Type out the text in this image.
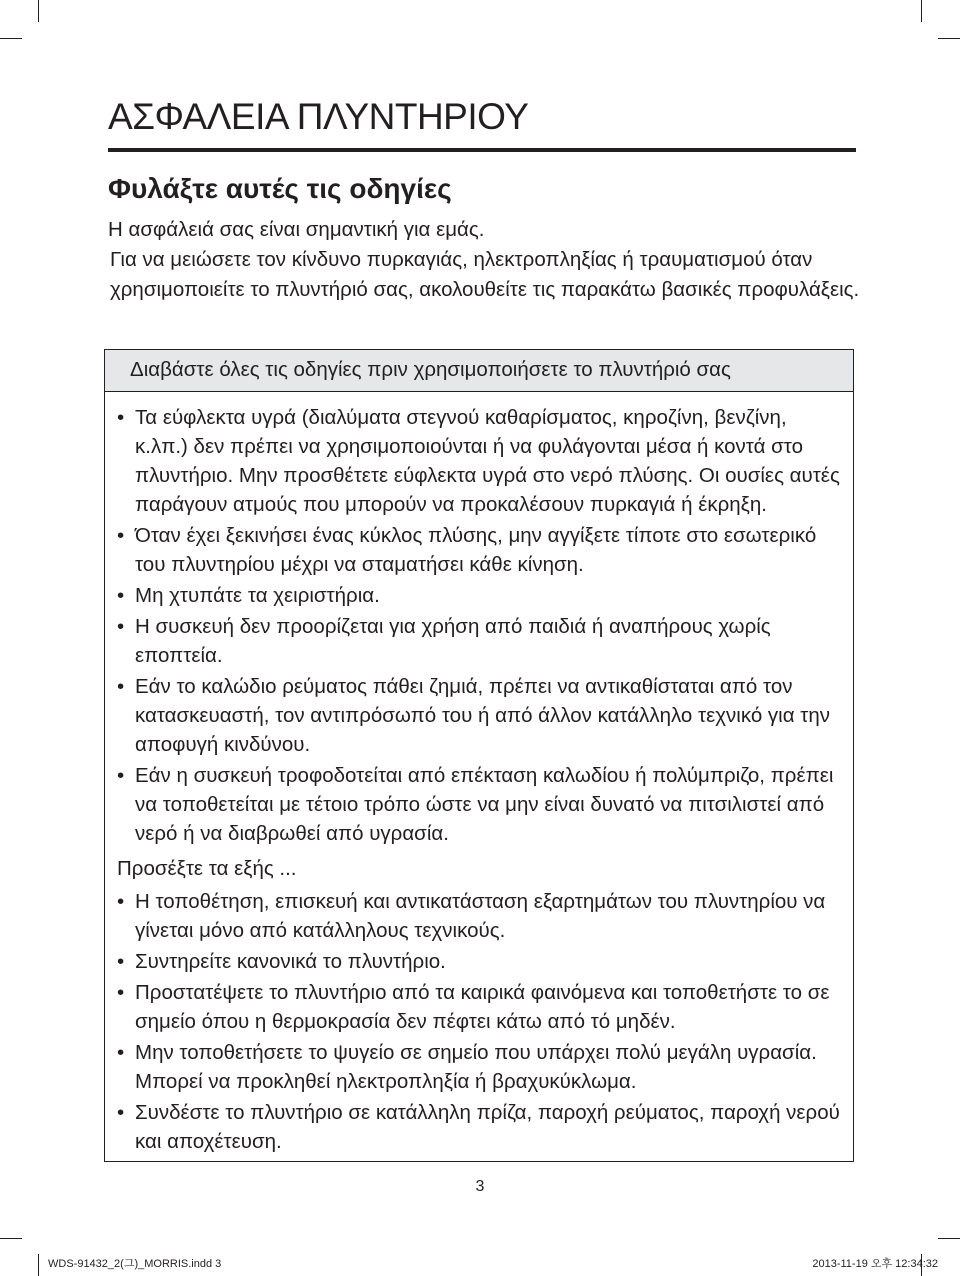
ΑΣΦΑΛΕΙΑ ΠΛΥΝΤΗΡΙΟΥ
Φυλάξτε αυτές τις οδηγίες

Η ασφάλειά σας είναι σημαντική για εμάς.

Για να μειώσετε τον κίνδυνο πυρκαγιάς, ηλεκτροπληξίας ή τραυματισμού όταν χρησιμοποιείτε το πλυντήριό σας, ακολουθείτε τις παρακάτω βασικές προφυλάξεις.

Διαβάστε όλες τις οδηγίες πριν χρησιμοποιήσετε το πλυντήριό σας
• Τα εύφλεκτα υγρά (διαλύματα στεγνού καθαρίσματος, κηροζίνη, βενζίνη, κ.λπ.) δεν πρέπει να χρησιμοποιούνται ή να φυλάγονται μέσα ή κοντά στο πλυντήριο. Μην προσθέτετε εύφλεκτα υγρά στο νερό πλύσης. Οι ουσίες αυτές παράγουν ατμούς που μπορούν να προκαλέσουν πυρκαγιά ή έκρηξη.
• Όταν έχει ξεκινήσει ένας κύκλος πλύσης, μην αγγίξετε τίποτε στο εσωτερικό του πλυντηρίου μέχρι να σταματήσει κάθε κίνηση.
• Μη χτυπάτε τα χειριστήρια.
• Η συσκευή δεν προορίζεται για χρήση από παιδιά ή αναπήρους χωρίς εποπτεία.
• Εάν το καλώδιο ρεύματος πάθει ζημιά, πρέπει να αντικαθίσταται από τον κατασκευαστή, τον αντιπρόσωπό του ή από άλλον κατάλληλο τεχνικό για την αποφυγή κινδύνου.
• Εάν η συσκευή τροφοδοτείται από επέκταση καλωδίου ή πολύμπριζο, πρέπει να τοποθετείται με τέτοιο τρόπο ώστε να μην είναι δυνατό να πιτσιλιστεί από νερό ή να διαβρωθεί από υγρασία.
Προσέξτε τα εξής ...
• Η τοποθέτηση, επισκευή και αντικατάσταση εξαρτημάτων του πλυντηρίου να γίνεται μόνο από κατάλληλους τεχνικούς.
• Συντηρείτε κανονικά το πλυντήριο.
• Προστατέψετε το πλυντήριο από τα καιρικά φαινόμενα και τοποθετήστε το σε σημείο όπου η θερμοκρασία δεν πέφτει κάτω από τό μηδέν.
• Μην τοποθετήσετε το ψυγείο σε σημείο που υπάρχει πολύ μεγάλη υγρασία. Μπορεί να προκληθεί ηλεκτροπληξία ή βραχυκύκλωμα.
• Συνδέστε το πλυντήριο σε κατάλληλη πρίζα, παροχή ρεύματος, παροχή νερού και αποχέτευση.
3
WDS-91432_2(그)_MORRIS.indd 3	2013-11-19 오후 12:34:32
